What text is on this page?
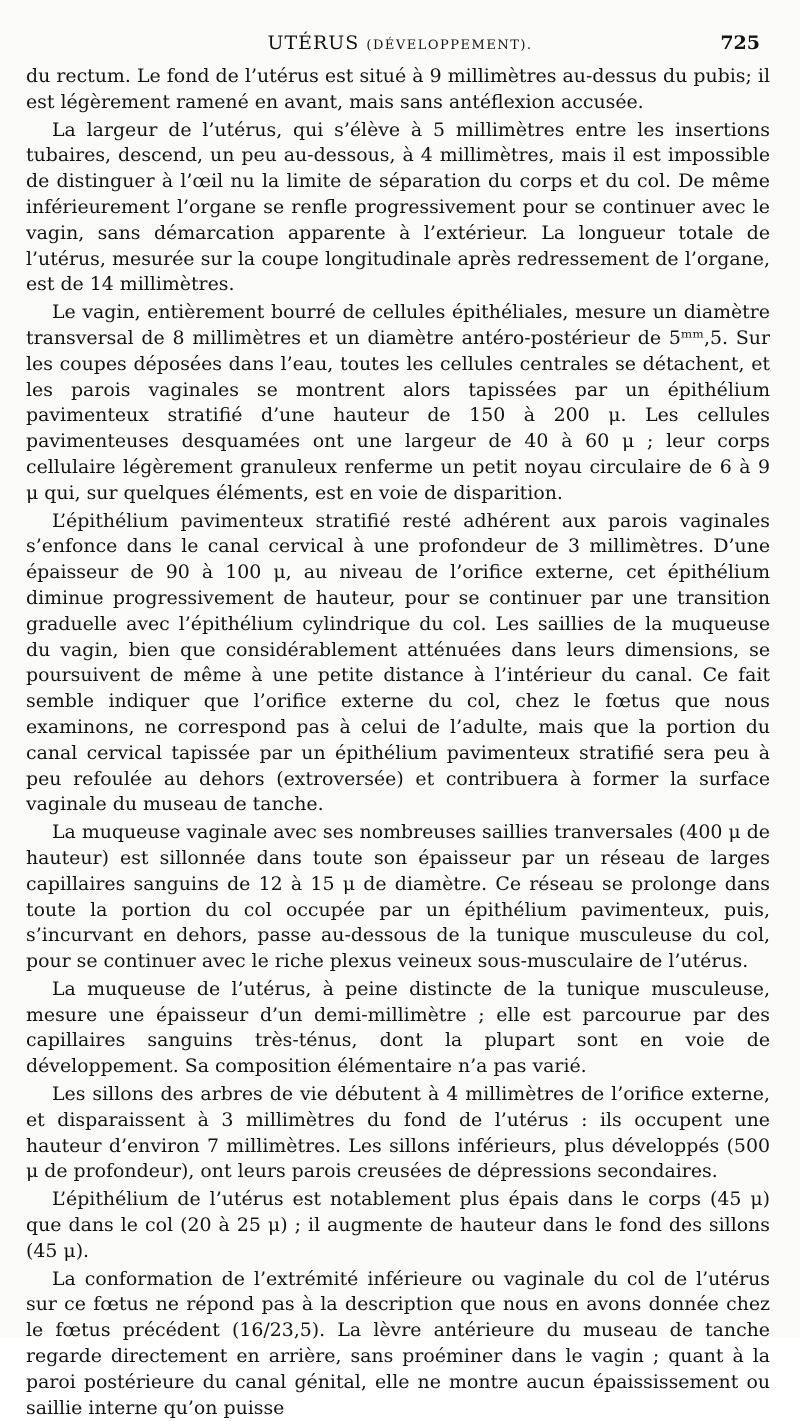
UTÉRUS (DÉVELOPPEMENT).	725

du rectum. Le fond de l’utérus est situé à 9 millimètres au-dessus du pubis; il est légèrement ramené en avant, mais sans antéflexion accusée.

La largeur de l’utérus, qui s’élève à 5 millimètres entre les insertions tubaires, descend, un peu au-dessous, à 4 millimètres, mais il est impossible de distinguer à l’œil nu la limite de séparation du corps et du col. De même inférieurement l’organe se renfle progressivement pour se continuer avec le vagin, sans démarcation apparente à l’extérieur. La longueur totale de l’utérus, mesurée sur la coupe longitudinale après redressement de l’organe, est de 14 millimètres.

Le vagin, entièrement bourré de cellules épithéliales, mesure un diamètre transversal de 8 millimètres et un diamètre antéro-postérieur de 5ᵐᵐ,5. Sur les coupes déposées dans l’eau, toutes les cellules centrales se détachent, et les parois vaginales se montrent alors tapissées par un épithélium pavimenteux stratifié d’une hauteur de 150 à 200 μ. Les cellules pavimenteuses desquamées ont une largeur de 40 à 60 μ ; leur corps cellulaire légèrement granuleux renferme un petit noyau circulaire de 6 à 9 μ qui, sur quelques éléments, est en voie de disparition.

L’épithélium pavimenteux stratifié resté adhérent aux parois vaginales s’enfonce dans le canal cervical à une profondeur de 3 millimètres. D’une épaisseur de 90 à 100 μ, au niveau de l’orifice externe, cet épithélium diminue progressivement de hauteur, pour se continuer par une transition graduelle avec l’épithélium cylindrique du col. Les saillies de la muqueuse du vagin, bien que considérablement atténuées dans leurs dimensions, se poursuivent de même à une petite distance à l’intérieur du canal. Ce fait semble indiquer que l’orifice externe du col, chez le fœtus que nous examinons, ne correspond pas à celui de l’adulte, mais que la portion du canal cervical tapissée par un épithélium pavimenteux stratifié sera peu à peu refoulée au dehors (extroversée) et contribuera à former la surface vaginale du museau de tanche.

La muqueuse vaginale avec ses nombreuses saillies tranversales (400 μ de hauteur) est sillonnée dans toute son épaisseur par un réseau de larges capillaires sanguins de 12 à 15 μ de diamètre. Ce réseau se prolonge dans toute la portion du col occupée par un épithélium pavimenteux, puis, s’incurvant en dehors, passe au-dessous de la tunique musculeuse du col, pour se continuer avec le riche plexus veineux sous-musculaire de l’utérus.

La muqueuse de l’utérus, à peine distincte de la tunique musculeuse, mesure une épaisseur d’un demi-millimètre ; elle est parcourue par des capillaires sanguins très-ténus, dont la plupart sont en voie de développement. Sa composition élémentaire n’a pas varié.

Les sillons des arbres de vie débutent à 4 millimètres de l’orifice externe, et disparaissent à 3 millimètres du fond de l’utérus : ils occupent une hauteur d’environ 7 millimètres. Les sillons inférieurs, plus développés (500 μ de profondeur), ont leurs parois creusées de dépressions secondaires.

L’épithélium de l’utérus est notablement plus épais dans le corps (45 μ) que dans le col (20 à 25 μ) ; il augmente de hauteur dans le fond des sillons (45 μ).

La conformation de l’extrémité inférieure ou vaginale du col de l’utérus sur ce fœtus ne répond pas à la description que nous en avons donnée chez le fœtus précédent (16/23,5). La lèvre antérieure du museau de tanche regarde directement en arrière, sans proéminer dans le vagin ; quant à la paroi postérieure du canal génital, elle ne montre aucun épaississement ou saillie interne qu’on puisse
